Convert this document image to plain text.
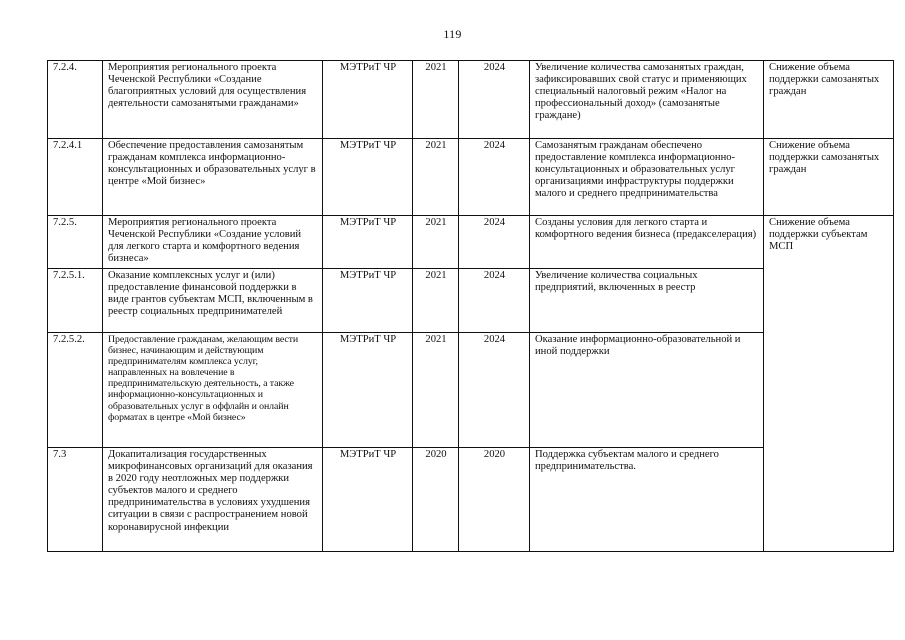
119
7.2.4.	Мероприятия регионального проекта Чеченской Республики «Создание благоприятных условий для осуществления деятельности самозанятыми гражданами»	МЭТРиТ ЧР	2021	2024	Увеличение количества самозанятых граждан, зафиксировавших свой статус и применяющих специальный налоговый режим «Налог на профессиональный доход» (самозанятые граждане)	Снижение объема поддержки самозанятых граждан
7.2.4.1	Обеспечение предоставления самозанятым гражданам комплекса информационно-консультационных и образовательных услуг в центре «Мой бизнес»	МЭТРиТ ЧР	2021	2024	Самозанятым гражданам обеспечено предоставление комплекса информационно-консультационных и образовательных услуг организациями инфраструктуры поддержки малого и среднего предпринимательства	Снижение объема поддержки самозанятых граждан
7.2.5.	Мероприятия регионального проекта Чеченской Республики «Создание условий для легкого старта и комфортного ведения бизнеса»	МЭТРиТ ЧР	2021	2024	Созданы условия для легкого старта и комфортного ведения бизнеса (предакселерация)	Снижение объема поддержки субъектам МСП
7.2.5.1.	Оказание комплексных услуг и (или) предоставление финансовой поддержки в виде грантов субъектам МСП, включенным в реестр социальных предпринимателей	МЭТРиТ ЧР	2021	2024	Увеличение количества социальных предприятий, включенных в реестр	
7.2.5.2.	Предоставление гражданам, желающим вести бизнес, начинающим и действующим предпринимателям комплекса услуг, направленных на вовлечение в предпринимательскую деятельность, а также информационно-консультационных и образовательных услуг в оффлайн и онлайн форматах в центре «Мой бизнес»	МЭТРиТ ЧР	2021	2024	Оказание информационно-образовательной и иной поддержки	
7.3	Докапитализация государственных микрофинансовых организаций для оказания в 2020 году неотложных мер поддержки субъектов малого и среднего предпринимательства в условиях ухудшения ситуации в связи с распространением новой коронавирусной инфекции	МЭТРиТ ЧР	2020	2020	Поддержка субъектам малого и среднего предпринимательства.	
